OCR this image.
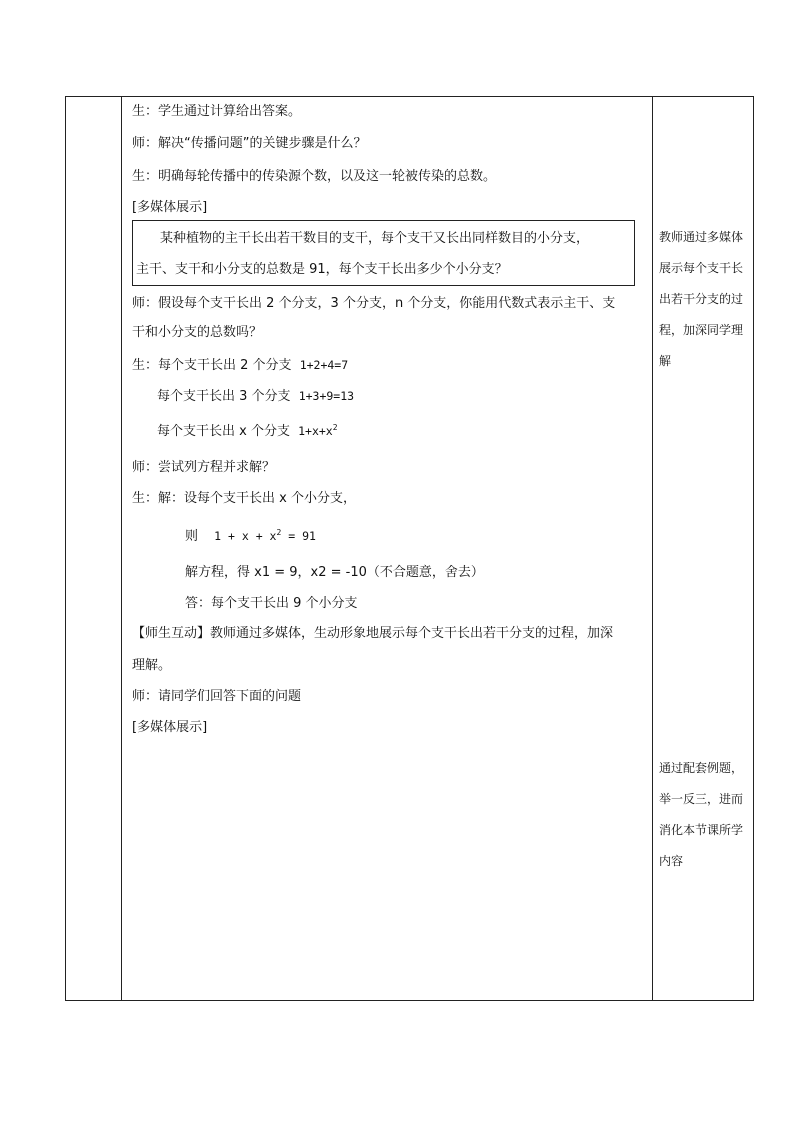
生：学生通过计算给出答案。
师：解决“传播问题”的关键步骤是什么？
生：明确每轮传播中的传染源个数，以及这一轮被传染的总数。
[多媒体展示]
某种植物的主干长出若干数目的支干，每个支干又长出同样数目的小分支，
主干、支干和小分支的总数是 91，每个支干长出多少个小分支？
师：假设每个支干长出 2 个分支，3 个分支，n 个分支，你能用代数式表示主干、支
干和小分支的总数吗？
生：每个支干长出 2 个分支 1+2+4=7
每个支干长出 3 个分支 1+3+9=13
每个支干长出 x 个分支 $1+x+x^2$
师：尝试列方程并求解？
生：解：设每个支干长出 x 个小分支，
则 $1 + x + x^2 = 91$
解方程，得 x1 = 9，x2 = -10（不合题意，舍去）
答：每个支干长出 9 个小分支
【师生互动】教师通过多媒体，生动形象地展示每个支干长出若干分支的过程，加深
理解。
师：请同学们回答下面的问题
[多媒体展示]
教师通过多媒体
展示每个支干长
出若干分支的过
程，加深同学理
解
通过配套例题，
举一反三，进而
消化本节课所学
内容
